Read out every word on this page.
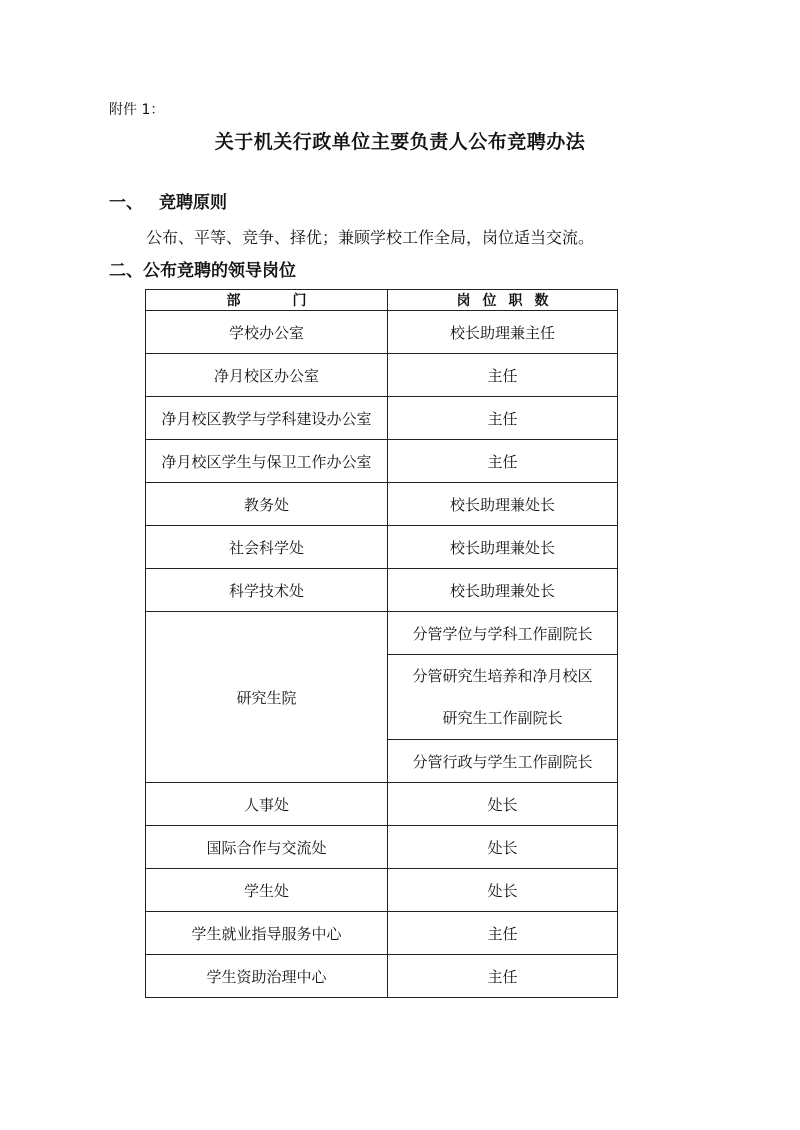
附件 1：
关于机关行政单位主要负责人公布竞聘办法
一、 竞聘原则
公布、平等、竞争、择优；兼顾学校工作全局，岗位适当交流。
二、公布竞聘的领导岗位
部门	岗位职数
学校办公室	校长助理兼主任
净月校区办公室	主任
净月校区教学与学科建设办公室	主任
净月校区学生与保卫工作办公室	主任
教务处	校长助理兼处长
社会科学处	校长助理兼处长
科学技术处	校长助理兼处长
研究生院	分管学位与学科工作副院长

	分管研究生培养和净月校区
研究生工作副院长

	分管行政与学生工作副院长
人事处	处长
国际合作与交流处	处长
学生处	处长
学生就业指导服务中心	主任
学生资助治理中心	主任
